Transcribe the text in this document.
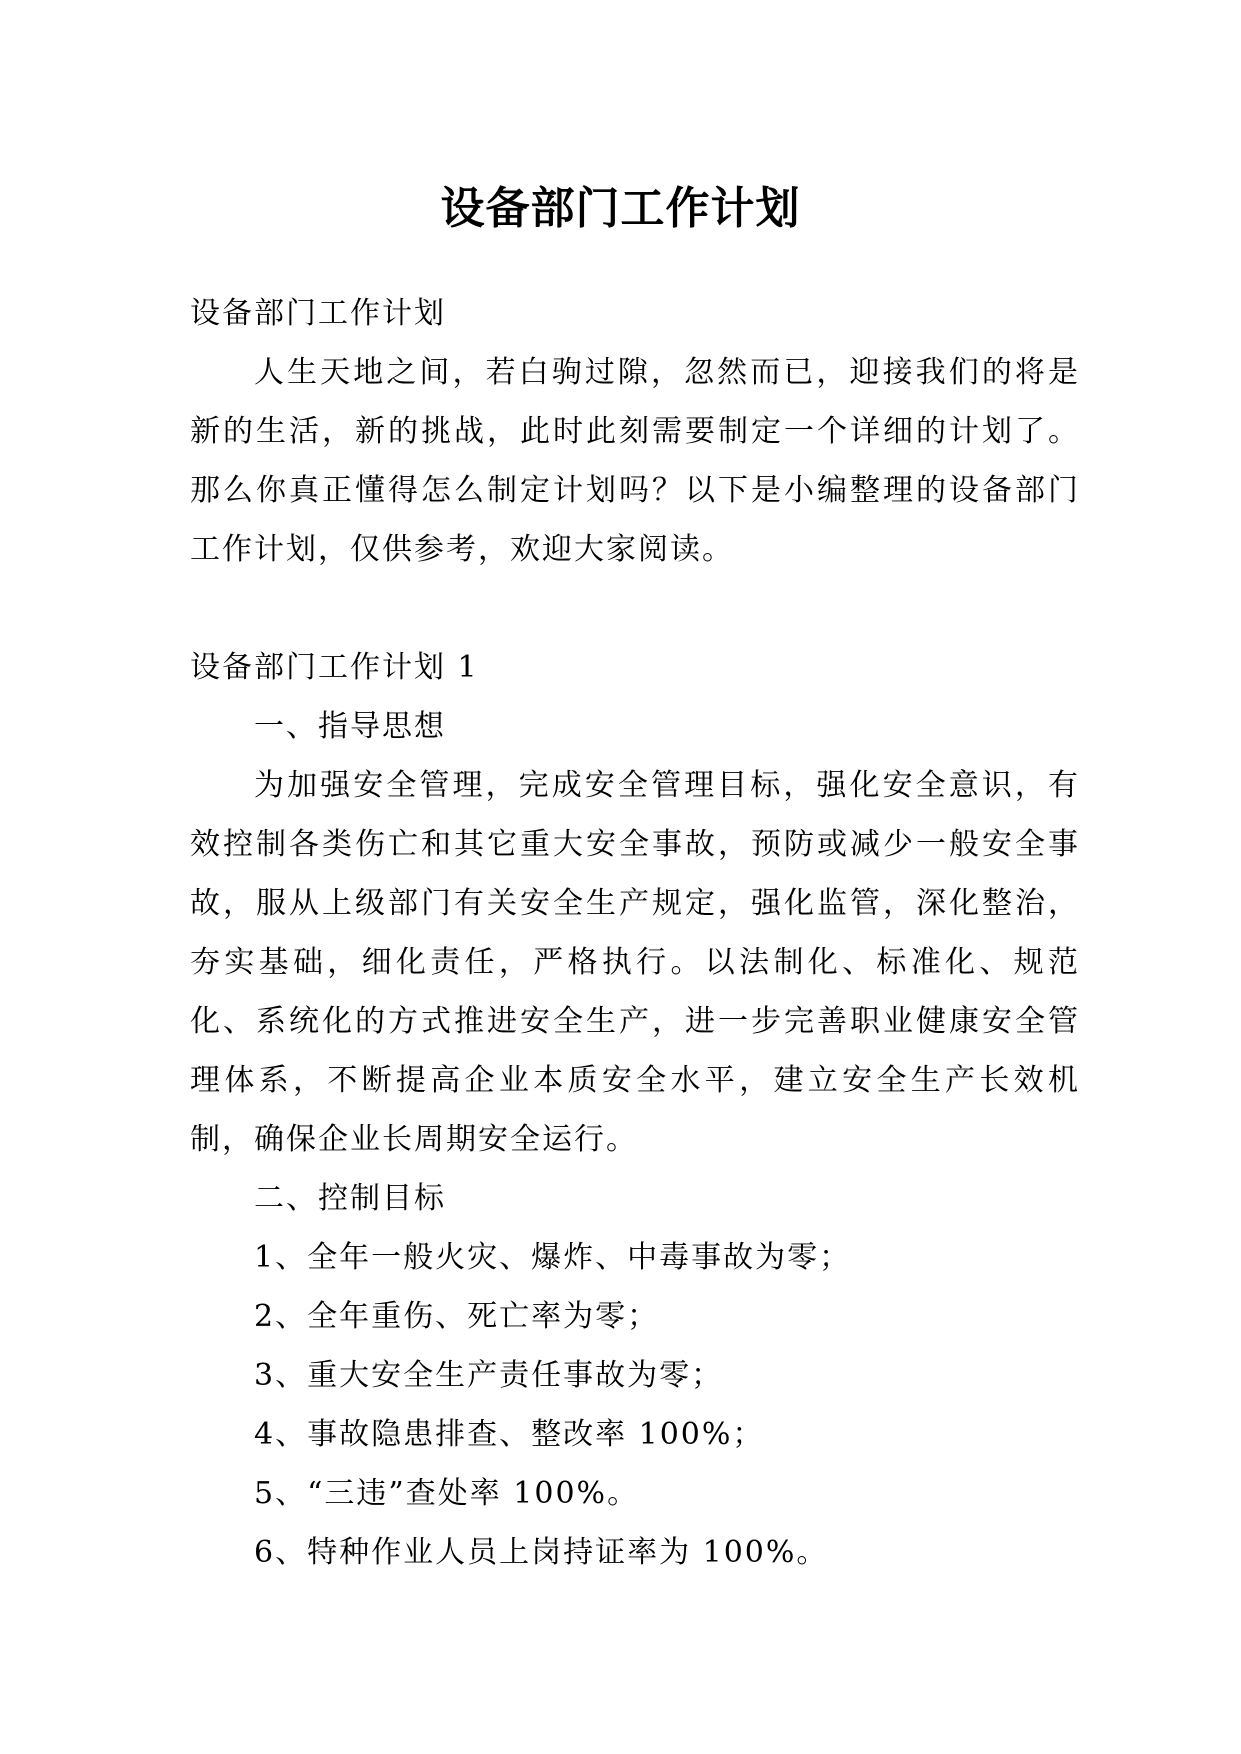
设备部门工作计划

设备部门工作计划

人生天地之间，若白驹过隙，忽然而已，迎接我们的将是新的生活，新的挑战，此时此刻需要制定一个详细的计划了。那么你真正懂得怎么制定计划吗？以下是小编整理的设备部门工作计划，仅供参考，欢迎大家阅读。

设备部门工作计划 1

一、指导思想

为加强安全管理，完成安全管理目标，强化安全意识，有效控制各类伤亡和其它重大安全事故，预防或减少一般安全事故，服从上级部门有关安全生产规定，强化监管，深化整治，夯实基础，细化责任，严格执行。以法制化、标准化、规范化、系统化的方式推进安全生产，进一步完善职业健康安全管理体系，不断提高企业本质安全水平，建立安全生产长效机制，确保企业长周期安全运行。

二、控制目标

1、全年一般火灾、爆炸、中毒事故为零；

2、全年重伤、死亡率为零；

3、重大安全生产责任事故为零；

4、事故隐患排查、整改率 100%；

5、“三违”查处率 100%。

6、特种作业人员上岗持证率为 100%。
